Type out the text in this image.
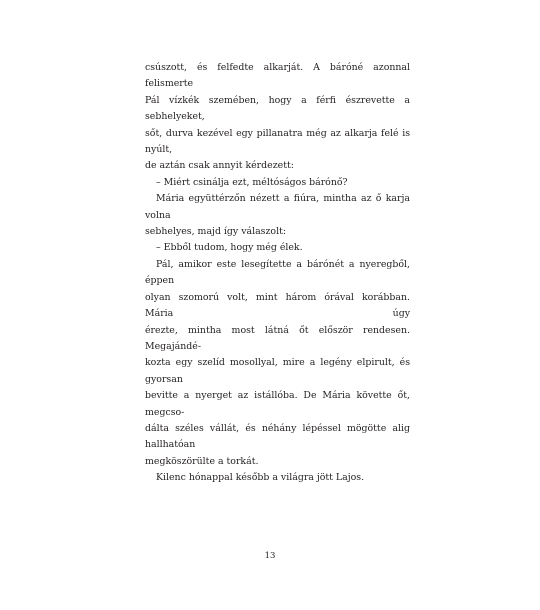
csúszott, és felfedte alkarját. A báróné azonnal felismerte

Pál vízkék szemében, hogy a férfi észrevette a sebhelyeket,

sőt, durva kezével egy pillanatra még az alkarja felé is nyúlt,

de aztán csak annyit kérdezett:

– Miért csinálja ezt, méltóságos bárónő?

Mária együttérzőn nézett a fiúra, mintha az ő karja volna

sebhelyes, majd így válaszolt:

– Ebből tudom, hogy még élek.

Pál, amikor este lesegítette a bárónét a nyeregből, éppen

olyan szomorú volt, mint három órával korábban. Mária úgy

érezte, mintha most látná őt először rendesen. Megajándé-

kozta egy szelíd mosollyal, mire a legény elpirult, és gyorsan

bevitte a nyerget az istállóba. De Mária követte őt, megcso-

dálta széles vállát, és néhány lépéssel mögötte alig hallhatóan

megköszörülte a torkát.

Kilenc hónappal később a világra jött Lajos.

13
